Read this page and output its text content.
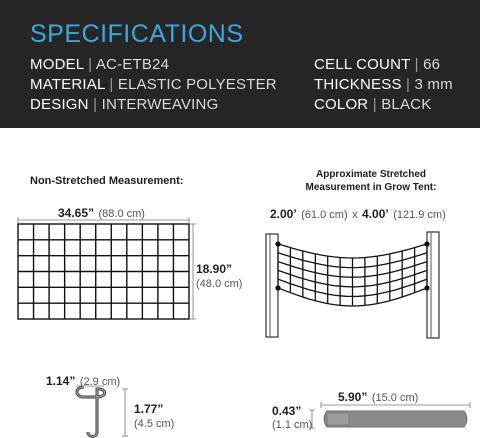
SPECIFICATIONS
MODEL | AC-ETB24
MATERIAL | ELASTIC POLYESTER
DESIGN | INTERWEAVING
CELL COUNT | 66
THICKNESS | 3 mm
COLOR | BLACK
Non-Stretched Measurement:
34.65” (88.0 cm)
18.90”
(48.0 cm)
Approximate Stretched
Measurement in Grow Tent:
2.00’ (61.0 cm) x 4.00’ (121.9 cm)
1.14” (2.9 cm)
1.77”
(4.5 cm)
5.90” (15.0 cm)
0.43”
(1.1 cm)
